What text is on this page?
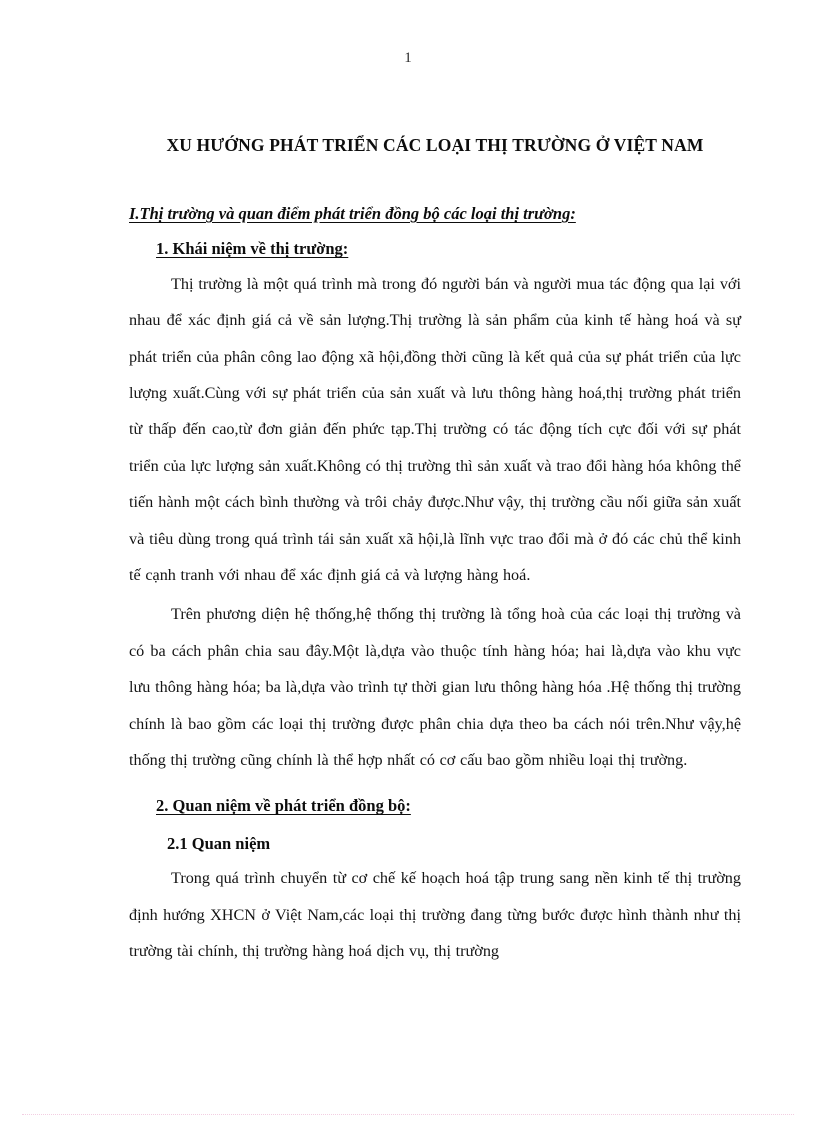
1
XU HƯỚNG PHÁT TRIỂN CÁC LOẠI THỊ TRƯỜNG Ở VIỆT NAM
I.Thị trường và quan điểm phát triển đồng bộ các loại thị trường:
1. Khái niệm về thị trường:

Thị trường là một quá trình mà trong đó người bán và người mua tác động qua lại với nhau để xác định giá cả về sản lượng.Thị trường là sản phẩm của kinh tế hàng hoá và sự phát triển của phân công lao động xã hội,đồng thời cũng là kết quả của sự phát triển của lực lượng xuất.Cùng với sự phát triển của sản xuất và lưu thông hàng hoá,thị trường phát triển từ thấp đến cao,từ đơn giản đến phức tạp.Thị trường có tác động tích cực đối với sự phát triển của lực lượng sản xuất.Không có thị trường thì sản xuất và trao đổi hàng hóa không thể tiến hành một cách bình thường và trôi chảy được.Như vậy, thị trường cầu nối giữa sản xuất và tiêu dùng trong quá trình tái sản xuất xã hội,là lĩnh vực trao đổi mà ở đó các chủ thể kinh tế cạnh tranh với nhau để xác định giá cả và lượng hàng hoá.

Trên phương diện hệ thống,hệ thống thị trường là tổng hoà của các loại thị trường và có ba cách phân chia sau đây.Một là,dựa vào thuộc tính hàng hóa; hai là,dựa vào khu vực lưu thông hàng hóa; ba là,dựa vào trình tự thời gian lưu thông hàng hóa .Hệ thống thị trường chính là bao gồm các loại thị trường được phân chia dựa theo ba cách nói trên.Như vậy,hệ thống thị trường cũng chính là thể hợp nhất có cơ cấu bao gồm nhiều loại thị trường.

2. Quan niệm về phát triển đồng bộ:
2.1 Quan niệm

Trong quá trình chuyển từ cơ chế kế hoạch hoá tập trung sang nền kinh tế thị trường định hướng XHCN ở Việt Nam,các loại thị trường đang từng bước được hình thành như thị trường tài chính, thị trường hàng hoá dịch vụ, thị trường
